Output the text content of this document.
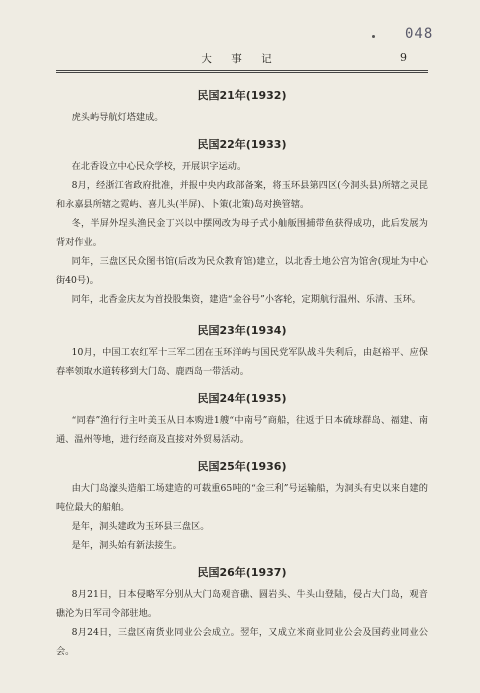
048
大 事 记	9

民国21年(1932)

虎头屿导航灯塔建成。

民国22年(1933)

在北香设立中心民众学校，开展识字运动。

8月，经浙江省政府批准，并报中央内政部备案，将玉环县第四区(今洞头县)所辖之灵昆和永嘉县所辖之霓屿、喜儿头(半屏)、卜策(北策)岛对换管辖。

冬，半屏外埕头渔民金丁兴以中摆网改为母子式小舢舨围捕带鱼获得成功，此后发展为背对作业。

同年，三盘区民众图书馆(后改为民众教育馆)建立，以北香土地公宫为馆舍(现址为中心街40号)。

同年，北香金庆友为首投股集资，建造“金谷号”小客轮，定期航行温州、乐清、玉环。

民国23年(1934)

10月，中国工农红军十三军二团在玉环洋屿与国民党军队战斗失利后，由赵裕平、应保春率领取水道转移到大门岛、鹿西岛一带活动。

民国24年(1935)

“同春”渔行行主叶美玉从日本购进1艘“中南号”商船，往返于日本硫球群岛、福建、南通、温州等地，进行经商及直接对外贸易活动。

民国25年(1936)

由大门岛濠头造船工场建造的可载重65吨的“金三利”号运输船，为洞头有史以来自建的吨位最大的船舶。

是年，洞头建政为玉环县三盘区。

是年，洞头始有新法接生。

民国26年(1937)

8月21日，日本侵略军分别从大门岛观音礁、圆岩头、牛头山登陆，侵占大门岛，观音礁沦为日军司令部驻地。

8月24日，三盘区南货业同业公会成立。翌年，又成立米商业同业公会及国药业同业公会。
